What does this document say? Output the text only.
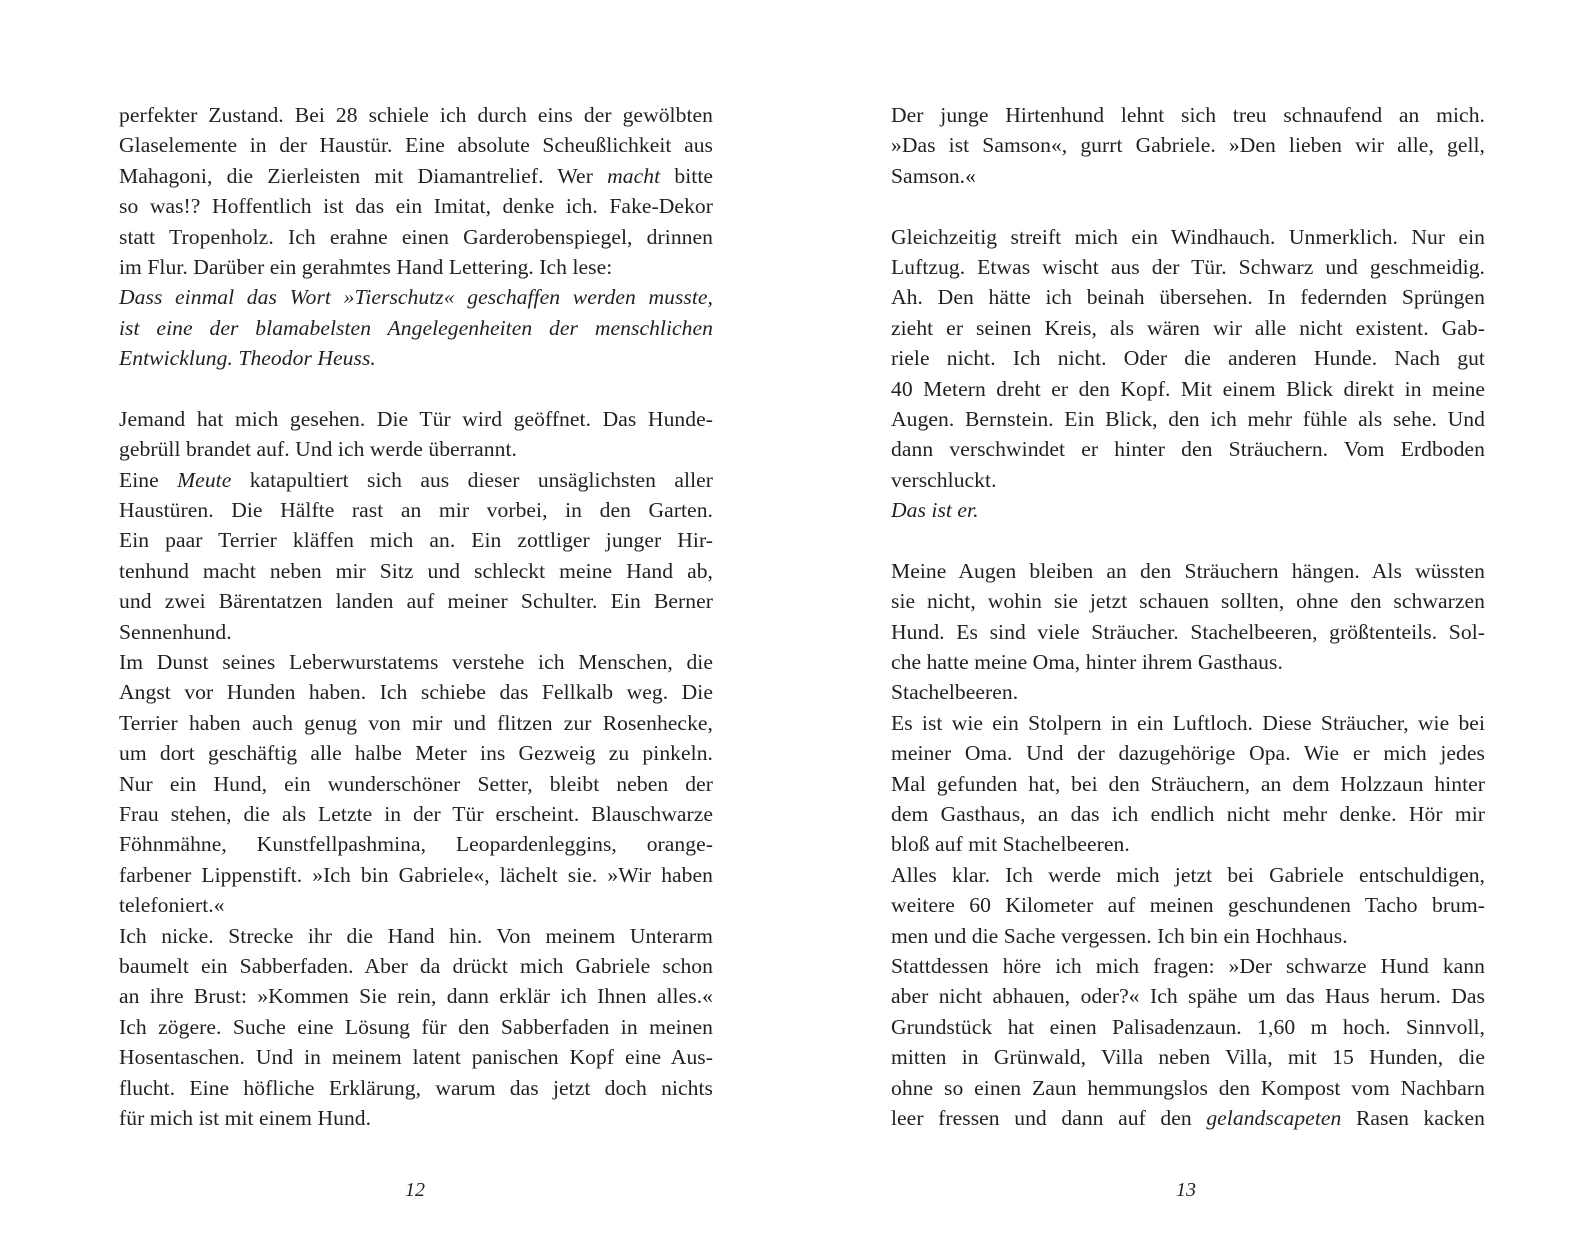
perfekter Zustand. Bei 28 schiele ich durch eins der gewölbten
Glaselemente in der Haustür. Eine absolute Scheußlichkeit aus
Mahagoni, die Zierleisten mit Diamantrelief. Wer macht bitte
so was!? Hoffentlich ist das ein Imitat, denke ich. Fake-Dekor
statt Tropenholz. Ich erahne einen Garderobenspiegel, drinnen
im Flur. Darüber ein gerahmtes Hand Lettering. Ich lese:
Dass einmal das Wort »Tierschutz« geschaffen werden musste,
ist eine der blamabelsten Angelegenheiten der menschlichen
Entwicklung. Theodor Heuss.
Jemand hat mich gesehen. Die Tür wird geöffnet. Das Hunde-
gebrüll brandet auf. Und ich werde überrannt.
Eine Meute katapultiert sich aus dieser unsäglichsten aller
Haustüren. Die Hälfte rast an mir vorbei, in den Garten.
Ein paar Terrier kläffen mich an. Ein zottliger junger Hir-
tenhund macht neben mir Sitz und schleckt meine Hand ab,
und zwei Bärentatzen landen auf meiner Schulter. Ein Berner
Sennenhund.
Im Dunst seines Leberwurstatems verstehe ich Menschen, die
Angst vor Hunden haben. Ich schiebe das Fellkalb weg. Die
Terrier haben auch genug von mir und flitzen zur Rosenhecke,
um dort geschäftig alle halbe Meter ins Gezweig zu pinkeln.
Nur ein Hund, ein wunderschöner Setter, bleibt neben der
Frau stehen, die als Letzte in der Tür erscheint. Blauschwarze
Föhnmähne, Kunstfellpashmina, Leopardenleggins, orange-
farbener Lippenstift. »Ich bin Gabriele«, lächelt sie. »Wir haben
telefoniert.«
Ich nicke. Strecke ihr die Hand hin. Von meinem Unterarm
baumelt ein Sabberfaden. Aber da drückt mich Gabriele schon
an ihre Brust: »Kommen Sie rein, dann erklär ich Ihnen alles.«
Ich zögere. Suche eine Lösung für den Sabberfaden in meinen
Hosentaschen. Und in meinem latent panischen Kopf eine Aus-
flucht. Eine höfliche Erklärung, warum das jetzt doch nichts
für mich ist mit einem Hund.
Der junge Hirtenhund lehnt sich treu schnaufend an mich.
»Das ist Samson«, gurrt Gabriele. »Den lieben wir alle, gell,
Samson.«
Gleichzeitig streift mich ein Windhauch. Unmerklich. Nur ein
Luftzug. Etwas wischt aus der Tür. Schwarz und geschmeidig.
Ah. Den hätte ich beinah übersehen. In federnden Sprüngen
zieht er seinen Kreis, als wären wir alle nicht existent. Gab-
riele nicht. Ich nicht. Oder die anderen Hunde. Nach gut
40 Metern dreht er den Kopf. Mit einem Blick direkt in meine
Augen. Bernstein. Ein Blick, den ich mehr fühle als sehe. Und
dann verschwindet er hinter den Sträuchern. Vom Erdboden
verschluckt.
Das ist er.
Meine Augen bleiben an den Sträuchern hängen. Als wüssten
sie nicht, wohin sie jetzt schauen sollten, ohne den schwarzen
Hund. Es sind viele Sträucher. Stachelbeeren, größtenteils. Sol-
che hatte meine Oma, hinter ihrem Gasthaus.
Stachelbeeren.
Es ist wie ein Stolpern in ein Luftloch. Diese Sträucher, wie bei
meiner Oma. Und der dazugehörige Opa. Wie er mich jedes
Mal gefunden hat, bei den Sträuchern, an dem Holzzaun hinter
dem Gasthaus, an das ich endlich nicht mehr denke. Hör mir
bloß auf mit Stachelbeeren.
Alles klar. Ich werde mich jetzt bei Gabriele entschuldigen,
weitere 60 Kilometer auf meinen geschundenen Tacho brum-
men und die Sache vergessen. Ich bin ein Hochhaus.
Stattdessen höre ich mich fragen: »Der schwarze Hund kann
aber nicht abhauen, oder?« Ich spähe um das Haus herum. Das
Grundstück hat einen Palisadenzaun. 1,60 m hoch. Sinnvoll,
mitten in Grünwald, Villa neben Villa, mit 15 Hunden, die
ohne so einen Zaun hemmungslos den Kompost vom Nachbarn
leer fressen und dann auf den gelandscapeten Rasen kacken
12	13
